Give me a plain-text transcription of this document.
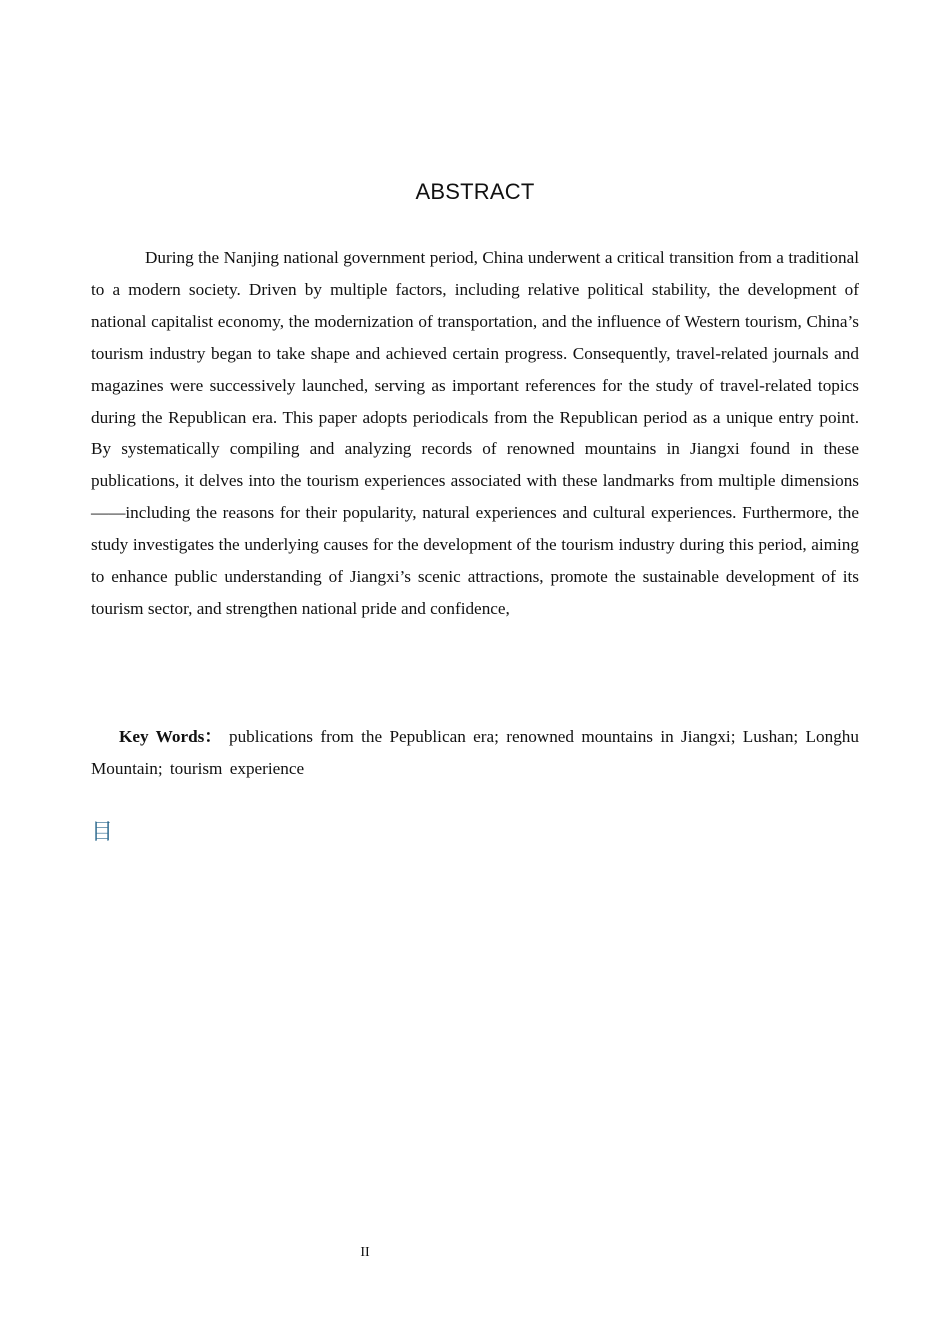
ABSTRACT

During the Nanjing national government period, China underwent a critical transition from a traditional to a modern society. Driven by multiple factors, including relative political stability, the development of national capitalist economy, the modernization of transportation, and the influence of Western tourism, China’s tourism industry began to take shape and achieved certain progress. Consequently, travel-related journals and magazines were successively launched, serving as important references for the study of travel-related topics during the Republican era. This paper adopts periodicals from the Republican period as a unique entry point. By systematically compiling and analyzing records of renowned mountains in Jiangxi found in these publications, it delves into the tourism experiences associated with these landmarks from multiple dimensions——including the reasons for their popularity, natural experiences and cultural experiences. Furthermore, the study investigates the underlying causes for the development of the tourism industry during this period, aiming to enhance public understanding of Jiangxi’s scenic attractions, promote the sustainable development of its tourism sector, and strengthen national pride and confidence,

Key Words： publications from the Pepublican era; renowned mountains in Jiangxi; Lushan; Longhu Mountain; tourism experience

目
II
